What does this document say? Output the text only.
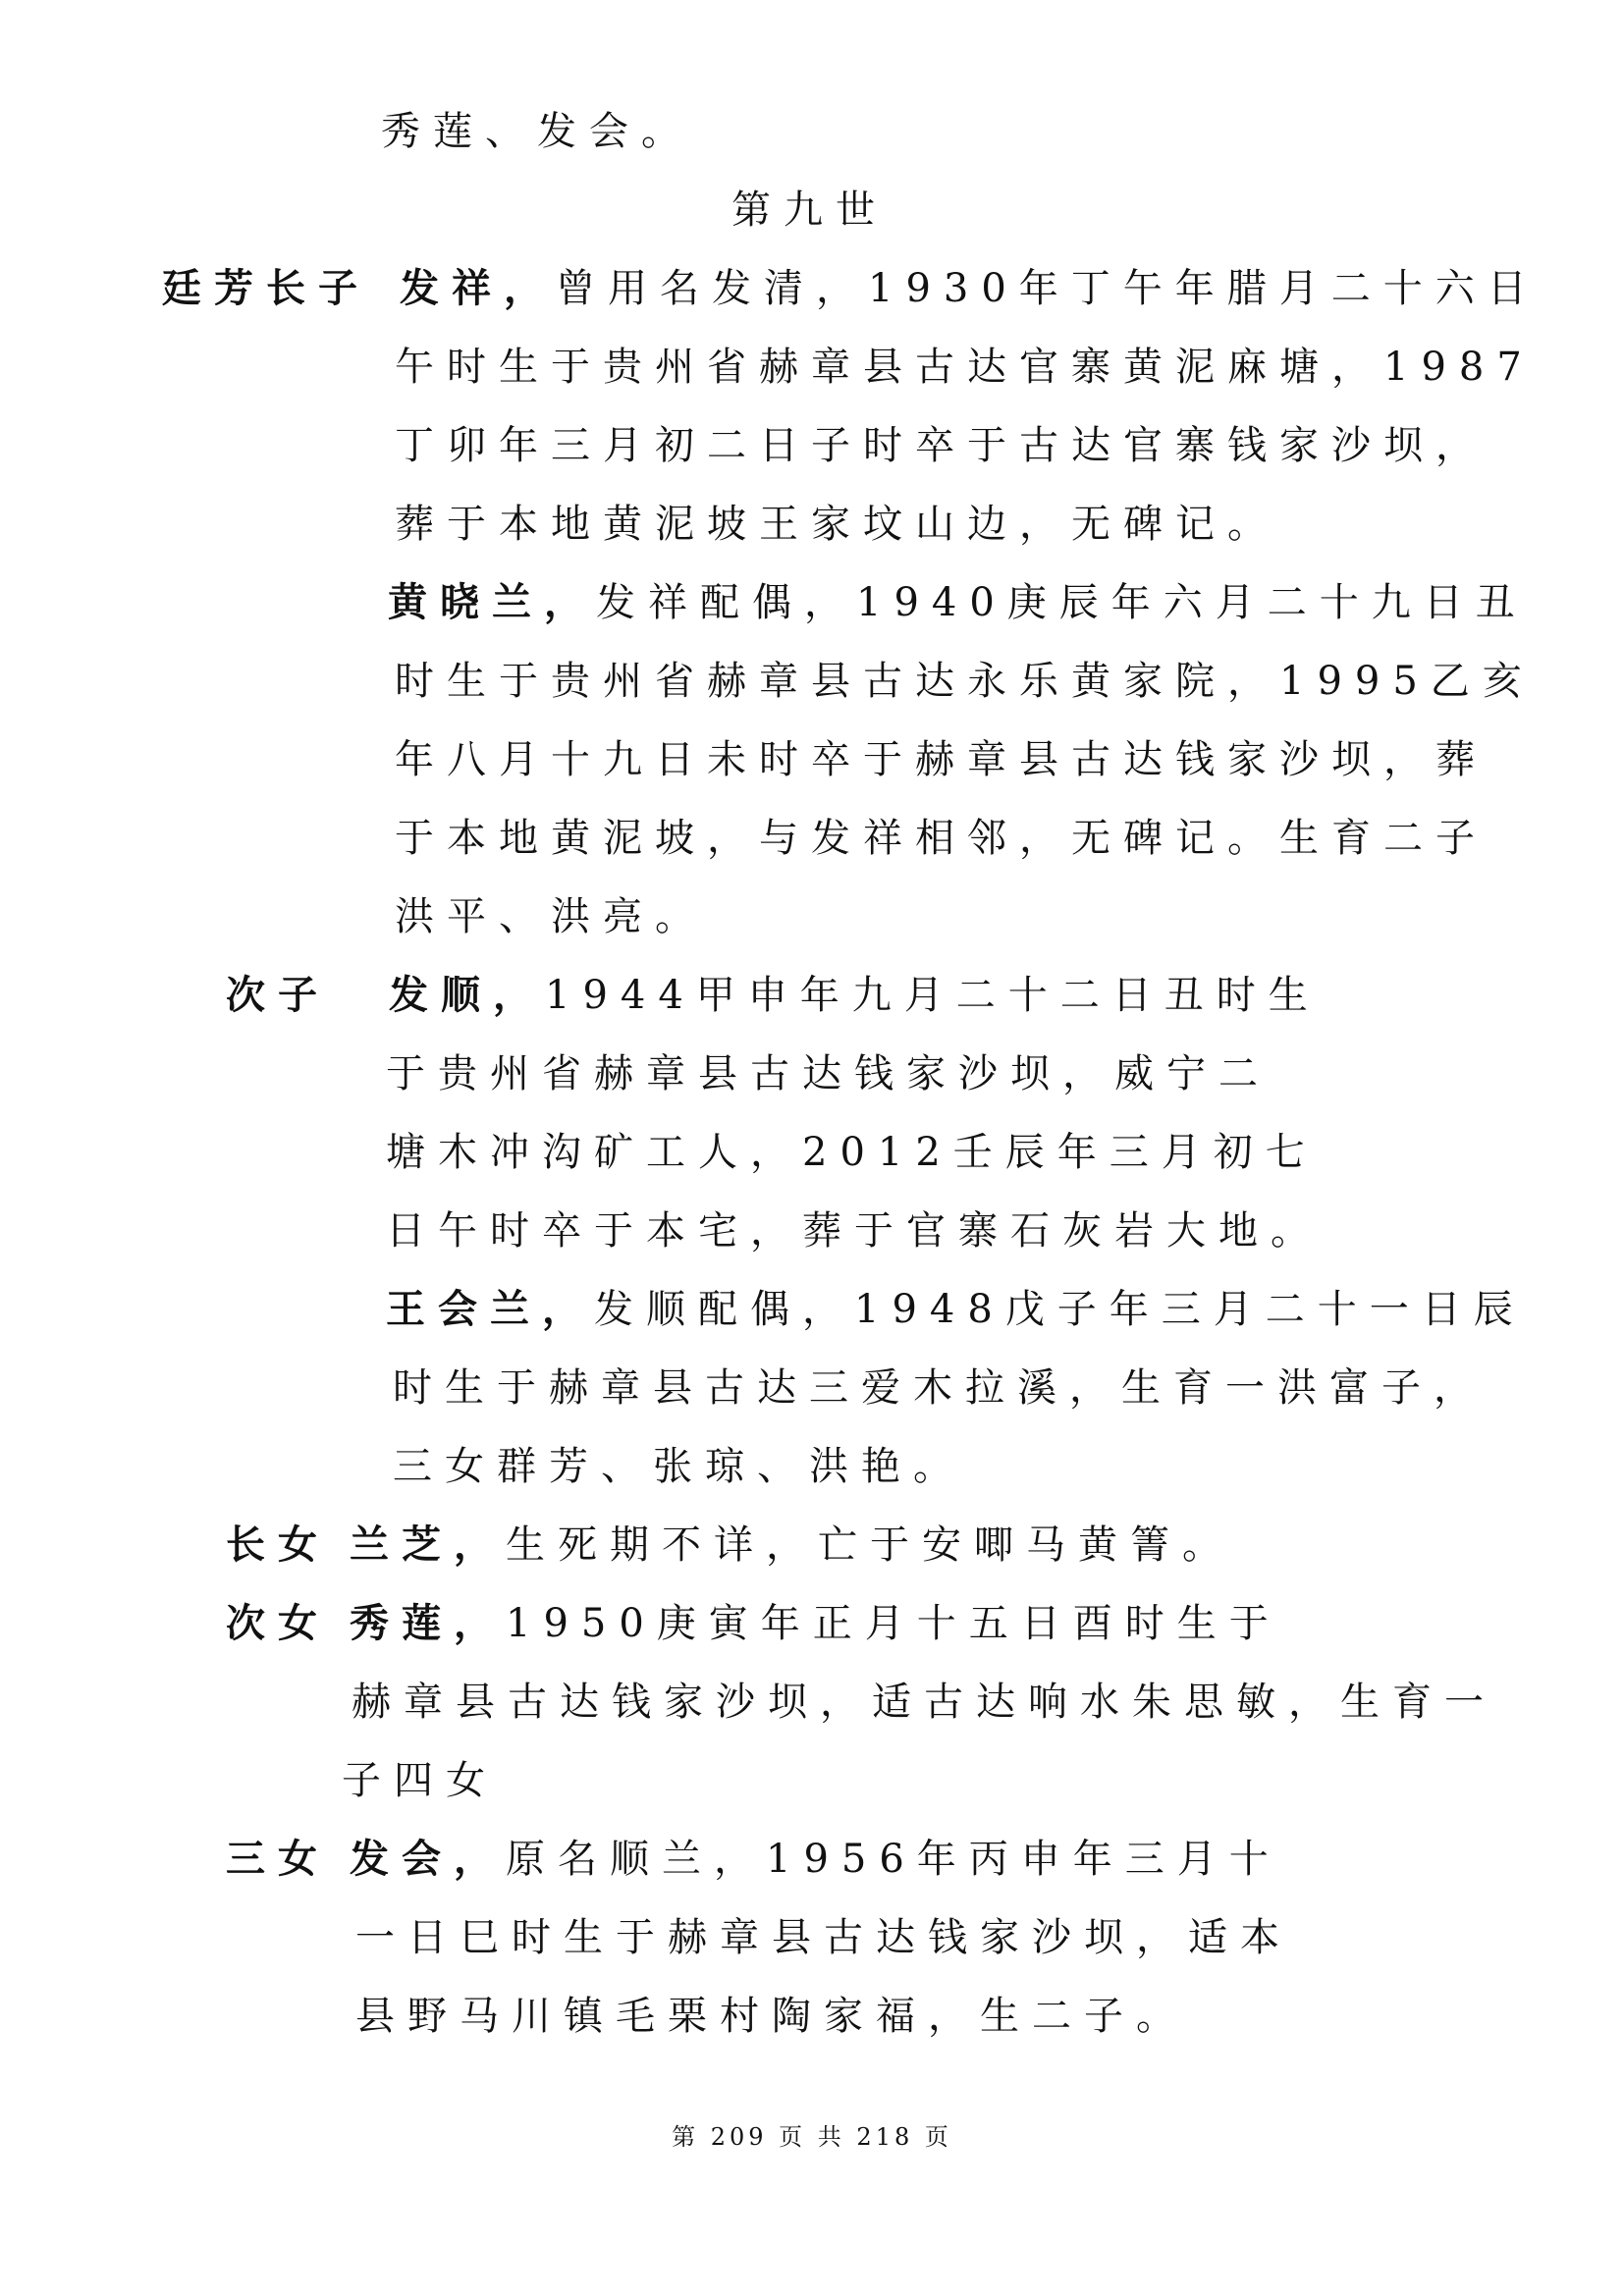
秀莲、发会。
第九世
廷芳长子 发祥，曾用名发清，1930年丁午年腊月二十六日
午时生于贵州省赫章县古达官寨黄泥麻塘，1987
丁卯年三月初二日子时卒于古达官寨钱家沙坝，
葬于本地黄泥坡王家坟山边，无碑记。
黄晓兰，发祥配偶，1940庚辰年六月二十九日丑
时生于贵州省赫章县古达永乐黄家院，1995乙亥
年八月十九日未时卒于赫章县古达钱家沙坝，葬
于本地黄泥坡，与发祥相邻，无碑记。生育二子
洪平、洪亮。
次子 发顺，1944甲申年九月二十二日丑时生
于贵州省赫章县古达钱家沙坝，威宁二
塘木冲沟矿工人，2012壬辰年三月初七
日午时卒于本宅，葬于官寨石灰岩大地。
王会兰，发顺配偶，1948戊子年三月二十一日辰
时生于赫章县古达三爱木拉溪，生育一洪富子，
三女群芳、张琼、洪艳。
长女 兰芝，生死期不详，亡于安唧马黄箐。
次女 秀莲，1950庚寅年正月十五日酉时生于
赫章县古达钱家沙坝，适古达响水朱思敏，生育一
子四女
三女 发会，原名顺兰，1956年丙申年三月十
一日巳时生于赫章县古达钱家沙坝，适本
县野马川镇毛栗村陶家福，生二子。
第 209 页 共 218 页
